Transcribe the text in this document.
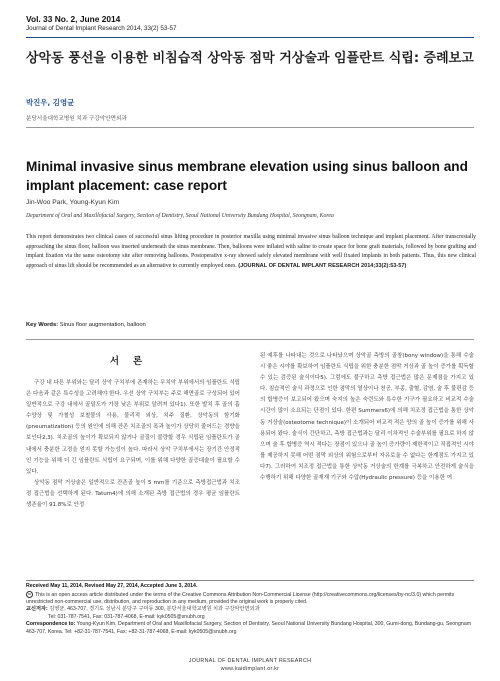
Vol. 33 No. 2, June 2014
Journal of Dental Implant Research 2014, 33(2) 53-57
상악동 풍선을 이용한 비침습적 상악동 점막 거상술과 임플란트 식립: 증례보고
박진우, 김영균
분당서울대학교병원 치과 구강악안면외과
Minimal invasive sinus membrane elevation using sinus balloon and implant placement: case report
Jin-Woo Park, Young-Kyun Kim
Department of Oral and Maxillofacial Surgery, Section of Dentistry, Seoul National University Bundang Hospital, Seongnam, Korea
This report demonstrates two clinical cases of successful sinus lifting procedure in posterior maxilla using minimal invasive sinus balloon technique and implant placement. After transcrestally approaching the sinus floor, balloon was inserted underneath the sinus membrane. Then, balloons were inflated with saline to create space for bone graft materials, followed by bone grafting and implant fixation via the same osteotomy site after removing balloons. Postoperative x-ray showed safely elevated membrane with well fixated implants in both patients. Thus, this new clinical approach of sinus lift should be recommended as an alternative to currently employed ones. (JOURNAL OF DENTAL IMPLANT RESEARCH 2014;33(2):53-57)
Key Words: Sinus floor augmentation, balloon
서론

구강 내 다른 부위와는 달리 상악 구치부에 존재하는 무치악 부위에서의 임플란트 식립은 다음과 같은 특수성을 고려해야 한다. 우선 상악 구치부는 주로 해면골로 구성되어 있어 일반적으로 구강 내에서 골밀도가 가장 낮은 부위로 알려져 있다1). 또한 발치 후 골의 흡수양상 및 가철성 보철물의 사용, 물리적 외상, 치주 질환, 상악동의 함기화(pneumatization) 등의 원인에 의해 잔존 치조골의 폭과 높이가 상당히 줄어드는 경향을 보인다2,3). 치조골의 높이가 확보되지 않거나 골질이 불량할 경우 식립된 임플란트가 골 내에서 충분한 고정을 얻지 못할 가능성이 높다. 따라서 상악 구치부에서는 장기간 안정적인 기능을 위해 더 긴 임플란트 식립이 요구되며, 이를 위해 다양한 골증대술이 필요할 수 있다.

상악동 점막 거상술은 일반적으로 잔존골 높이 5 mm를 기준으로 측방접근법과 치조정 접근법을 선택하게 된다. Tatum4)에 의해 소개된 측방 접근법의 경우 평균 임플란트 생존율이 91.8%로 안정

된 예후를 나타내는 것으로 나타났으며 상악골 측방의 골창(bony window)을 통해 수술 시 좋은 시야를 확보하여 임플란트 식립을 위한 충분한 점막 거상과 골 높이 증가를 획득할 수 있는 검증된 술식이다5). 그럼에도 불구하고 측방 접근법은 많은 문제점을 가지고 있다. 침습적인 술식 과정으로 인한 점막의 열상이나 천공, 부종, 출혈, 감염, 술 후 불편감 등의 합병증이 보고되어 왔으며 숙지의 높은 숙련도와 특수한 기구가 필요하고 비교적 수술 시간이 많이 소요되는 단점이 있다. 한편 Summers6)에 의해 치조정 접근법을 통한 상악동 거상술(osteotome technique)이 소개되어 비교적 적은 양의 골 높이 증가를 위해 사용되어 왔다. 술식이 간단하고, 측방 접근법과는 달리 이차적인 수술부위를 필요로 하지 않으며 술 후 합병증 역시 적다는 장점이 있으나 골 높이 증가량이 제한적이고 직접적인 시야를 제공하지 못해 어떤 점막 외상의 위험으로부터 자유로울 수 없다는 한계점도 가지고 있다7). 그러하여 치조정 접근법을 통한 상악동 거상술의 한계를 극복하고 안전하게 술식을 수행하기 위해 다양한 골재재 기구와 수압(Hydraulic pressure) 등을 이용한 여

Received May 11, 2014, Revised May 27, 2014, Accepted June 3, 2014.
cc This is an open access article distributed under the terms of the Creative Commons Attribution Non-Commercial License (http://creativecommons.org/licenses/by-nc/3.0) which permits unrestricted non-commercial use, distribution, and reproduction in any medium, provided the original work is properly cited.
교신저자: 김영균, 463-707, 경기도 성남시 분당구 구미동 300, 분당서울대학교병원 치과 구강악안면외과
Tel: 031-787-7541, Fax: 031-787-4068, E-mail: kyk0505@snubh.org
Correspondence to: Young-Kyun Kim, Department of Oral and Maxillofacial Surgery, Section of Dentistry, Seoul National University Bundang Hospital, 300, Gumi-dong, Bundang-gu, Seongnam 463-707, Korea. Tel: +82-31-787-7541, Fax: +82-31-787-4068, E-mail: kyk0505@snubh.org
JOURNAL OF DENTAL IMPLANT RESEARCH
www.kaidimplant.or.kr
